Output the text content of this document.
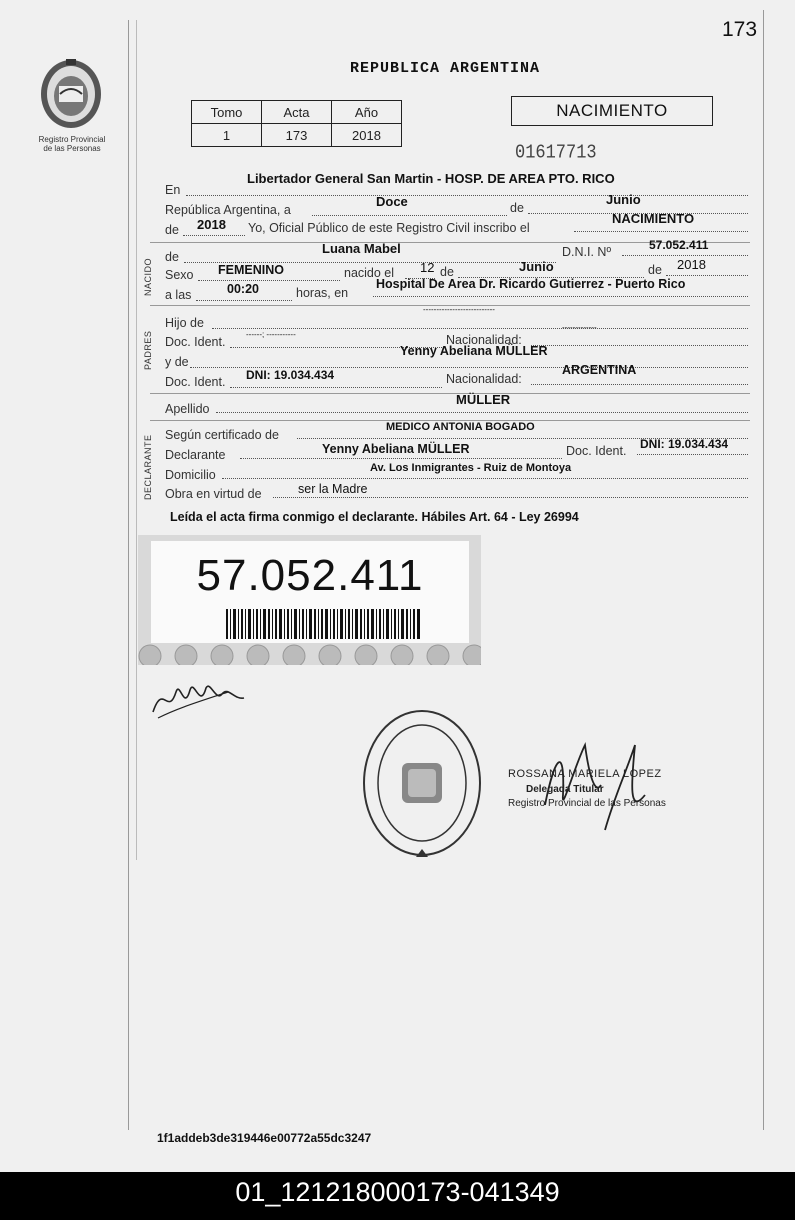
173
Registro Provincial
de las Personas
REPUBLICA ARGENTINA
Tomo	Acta	Año
1	173	2018
NACIMIENTO
01617713
En
Libertador General San Martin - HOSP. DE AREA PTO. RICO
República Argentina, a
Doce	de
Junio
de 2018 Yo, Oficial Público de este Registro Civil inscribo el
NACIMIENTO
NACIDO
de
Luana Mabel	D.N.I. Nº	57.052.411
Sexo FEMENINO	nacido el 12 de	Junio	de 2018
a las	00:20	horas, en
Hospital De Area Dr. Ricardo Gutierrez - Puerto Rico
PADRES
Hijo de
---------------------------
Doc. Ident.
------; -----------	Nacionalidad:
-------------
y de
Yenny Abeliana MÜLLER
Doc. Ident. DNI: 19.034.434	Nacionalidad:
ARGENTINA
Apellido
MÜLLER
DECLARANTE Según certificado de
MEDICO ANTONIA BOGADO
Declarante	Yenny Abeliana MÜLLER	Doc. Ident. DNI: 19.034.434
Domicilio	Av. Los Inmigrantes - Ruiz de Montoya
Obra en virtud de	ser la Madre
Leída el acta firma conmigo el declarante. Hábiles Art. 64 - Ley 26994
57.052.411
ROSSANA MARIELA LOPEZ
Delegada Titular
Registro Provincial de las Personas
1f1addeb3de319446e00772a55dc3247
01_121218000173-041349
